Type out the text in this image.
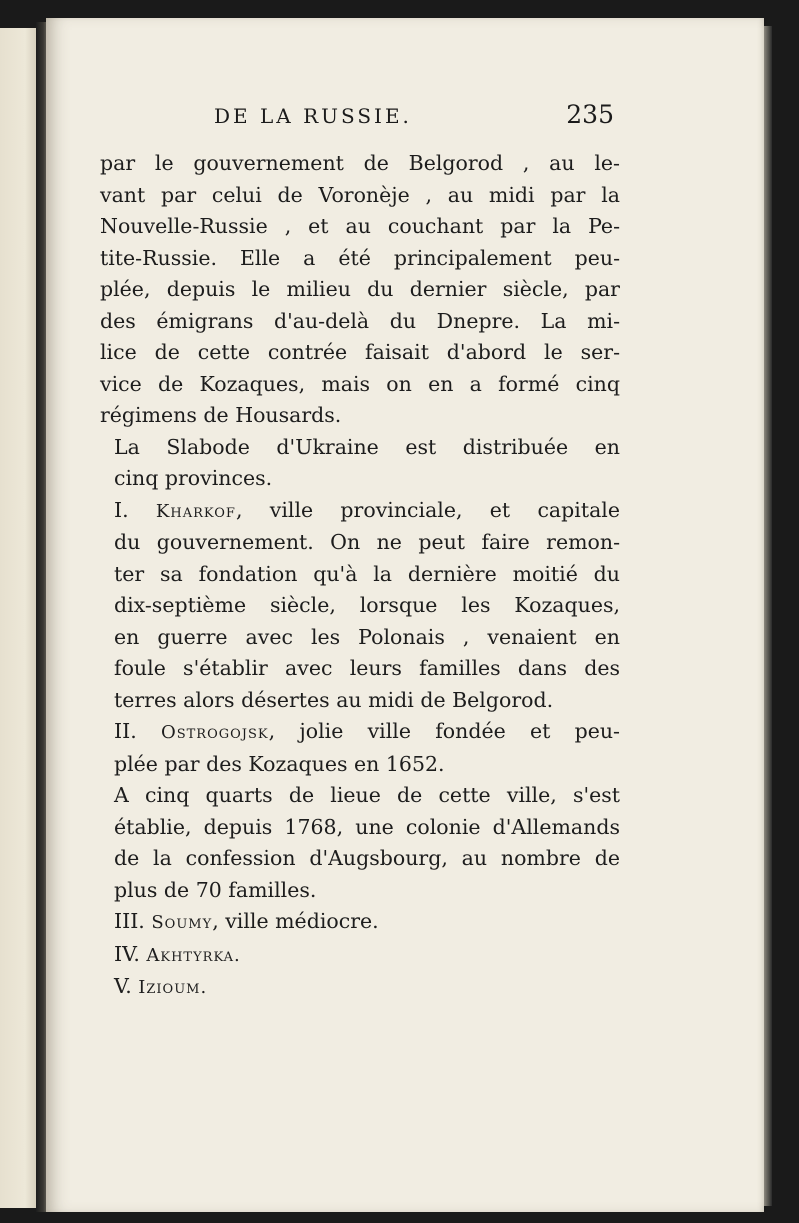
DE LA RUSSIE.	235

par le gouvernement de Belgorod , au le-
vant par celui de Voronèje , au midi par la
Nouvelle-Russie , et au couchant par la Pe-
tite-Russie. Elle a été principalement peu-
plée, depuis le milieu du dernier siècle, par
des émigrans d'au-delà du Dnepre. La mi-
lice de cette contrée faisait d'abord le ser-
vice de Kozaques, mais on en a formé cinq
régimens de Housards.

La Slabode d'Ukraine est distribuée en
cinq provinces.

I. Kharkof, ville provinciale, et capitale
du gouvernement. On ne peut faire remon-
ter sa fondation qu'à la dernière moitié du
dix-septième siècle, lorsque les Kozaques,
en guerre avec les Polonais , venaient en
foule s'établir avec leurs familles dans des
terres alors désertes au midi de Belgorod.

II. Ostrogojsk, jolie ville fondée et peu-
plée par des Kozaques en 1652.

A cinq quarts de lieue de cette ville, s'est
établie, depuis 1768, une colonie d'Allemands
de la confession d'Augsbourg, au nombre de
plus de 70 familles.

III. Soumy, ville médiocre.

IV. Akhtyrka.

V. Izioum.
